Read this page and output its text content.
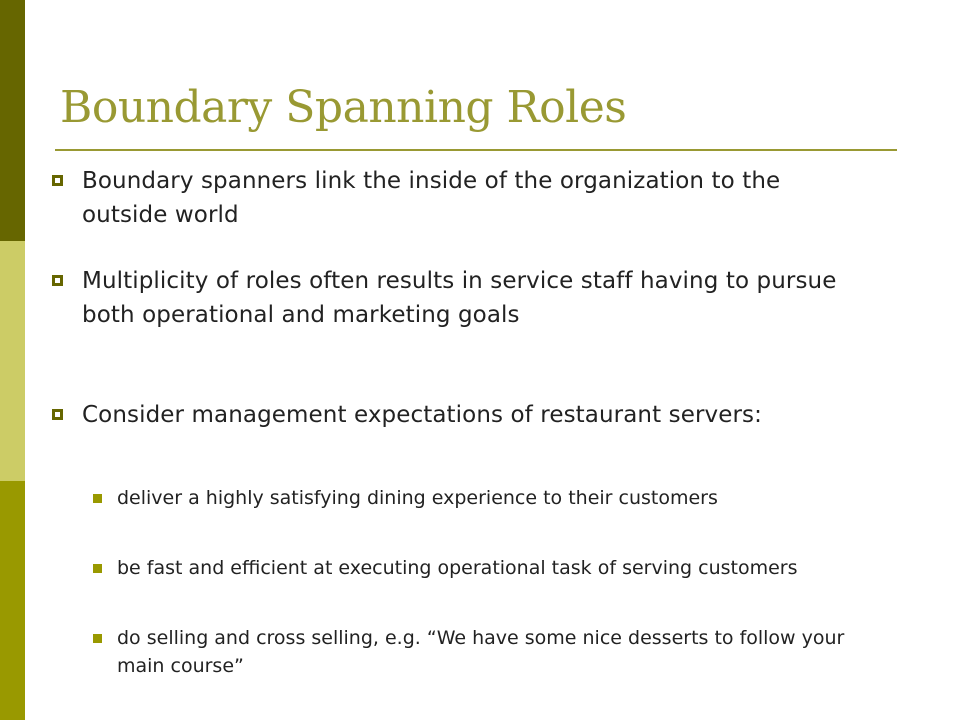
Boundary Spanning Roles
Boundary spanners link the inside of the organization to the  outside world
Multiplicity of roles often results in service staff having to pursue both operational and marketing goals
Consider management expectations of restaurant servers:
deliver a highly satisfying dining experience to their customers
be fast and efficient at executing operational task of serving customers
do selling and cross selling, e.g. “We have some nice desserts to follow your main course”
